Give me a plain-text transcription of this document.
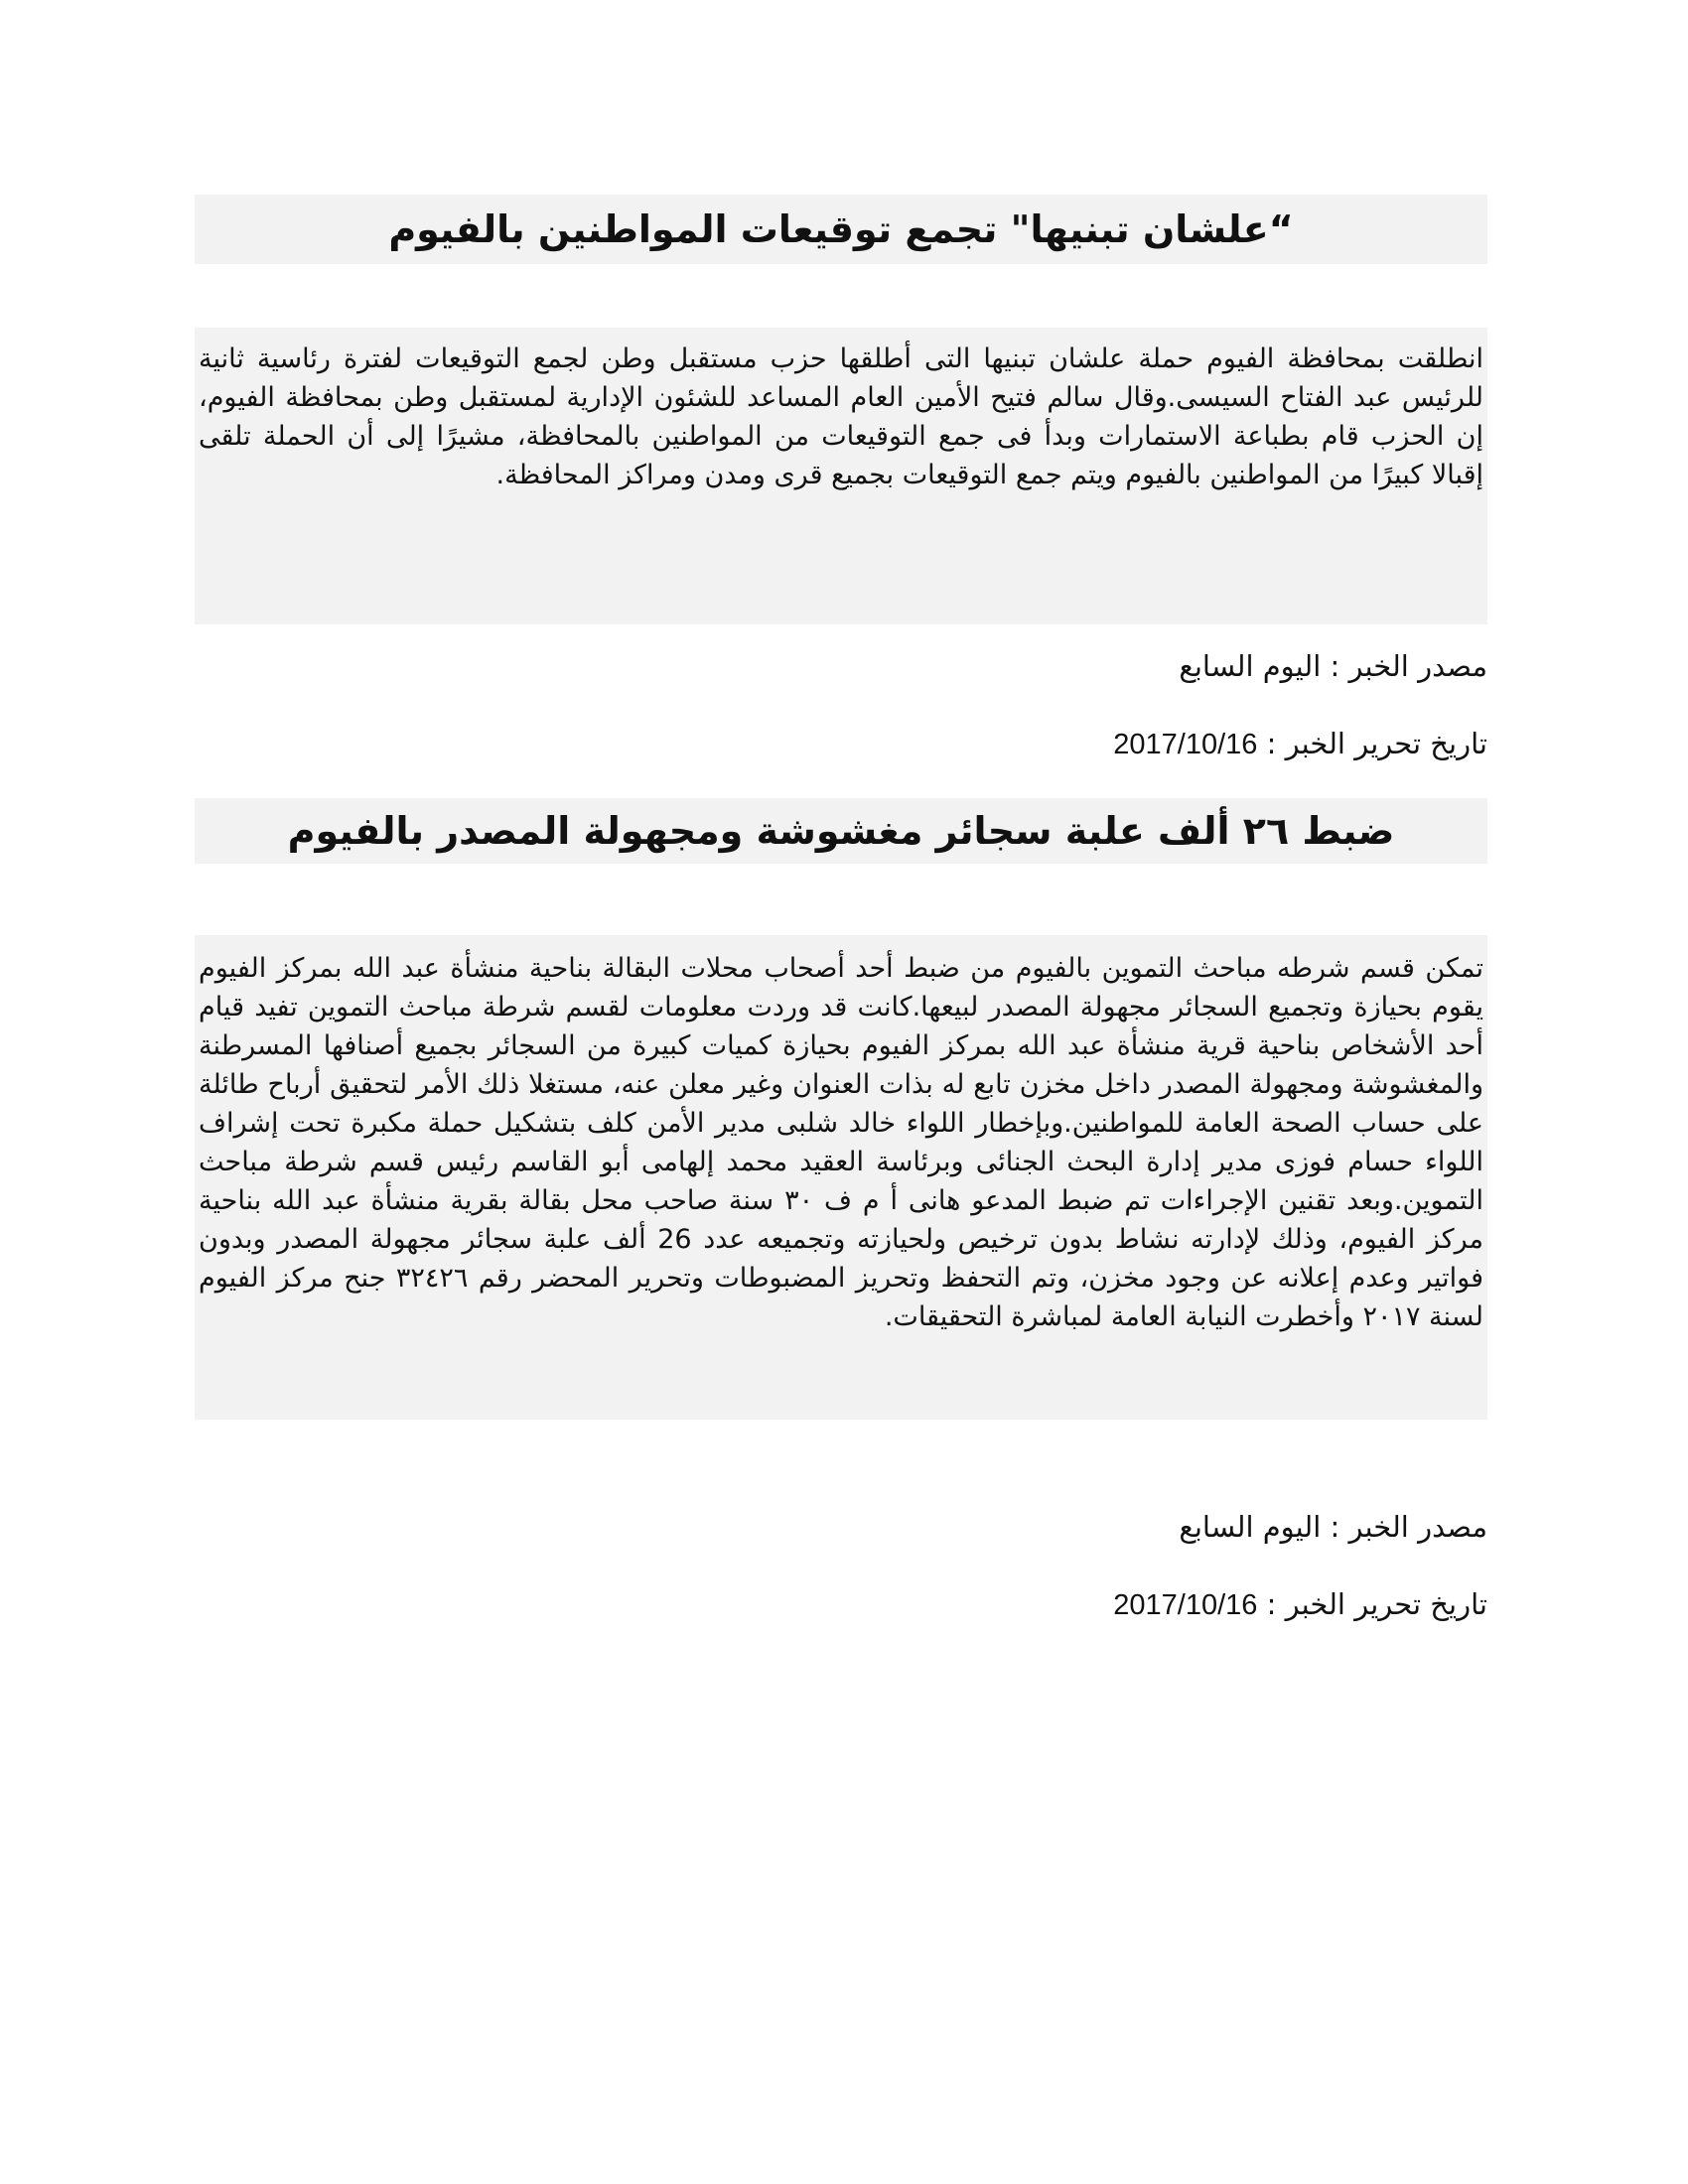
“علشان تبنيها" تجمع توقيعات المواطنين بالفيوم

انطلقت بمحافظة الفيوم حملة علشان تبنيها التى أطلقها حزب مستقبل وطن لجمع التوقيعات لفترة رئاسية ثانية للرئيس عبد الفتاح السيسى.وقال سالم فتيح الأمين العام المساعد للشئون الإدارية لمستقبل وطن بمحافظة الفيوم، إن الحزب قام بطباعة الاستمارات وبدأ فى جمع التوقيعات من المواطنين بالمحافظة، مشيرًا إلى أن الحملة تلقى إقبالا كبيرًا من المواطنين بالفيوم ويتم جمع التوقيعات بجميع قرى ومدن ومراكز المحافظة.

مصدر الخبر : اليوم السابع

تاريخ تحرير الخبر : 2017/10/16

ضبط ٢٦ ألف علبة سجائر مغشوشة ومجهولة المصدر بالفيوم

تمكن قسم شرطه مباحث التموين بالفيوم من ضبط أحد أصحاب محلات البقالة بناحية منشأة عبد الله بمركز الفيوم يقوم بحيازة وتجميع السجائر مجهولة المصدر لبيعها.كانت قد وردت معلومات لقسم شرطة مباحث التموين تفيد قيام أحد الأشخاص بناحية قرية منشأة عبد الله بمركز الفيوم بحيازة كميات كبيرة من السجائر بجميع أصنافها المسرطنة والمغشوشة ومجهولة المصدر داخل مخزن تابع له بذات العنوان وغير معلن عنه، مستغلا ذلك الأمر لتحقيق أرباح طائلة على حساب الصحة العامة للمواطنين.وبإخطار اللواء خالد شلبى مدير الأمن كلف بتشكيل حملة مكبرة تحت إشراف اللواء حسام فوزى مدير إدارة البحث الجنائى وبرئاسة العقيد محمد إلهامى أبو القاسم رئيس قسم شرطة مباحث التموين.وبعد تقنين الإجراءات تم ضبط المدعو هانى أ م ف ٣٠ سنة صاحب محل بقالة بقرية منشأة عبد الله بناحية مركز الفيوم، وذلك لإدارته نشاط بدون ترخيص ولحيازته وتجميعه عدد 26 ألف علبة سجائر مجهولة المصدر وبدون فواتير وعدم إعلانه عن وجود مخزن، وتم التحفظ وتحريز المضبوطات وتحرير المحضر رقم ٣٢٤٢٦ جنح مركز الفيوم لسنة ٢٠١٧ وأخطرت النيابة العامة لمباشرة التحقيقات.

مصدر الخبر : اليوم السابع

تاريخ تحرير الخبر : 2017/10/16
